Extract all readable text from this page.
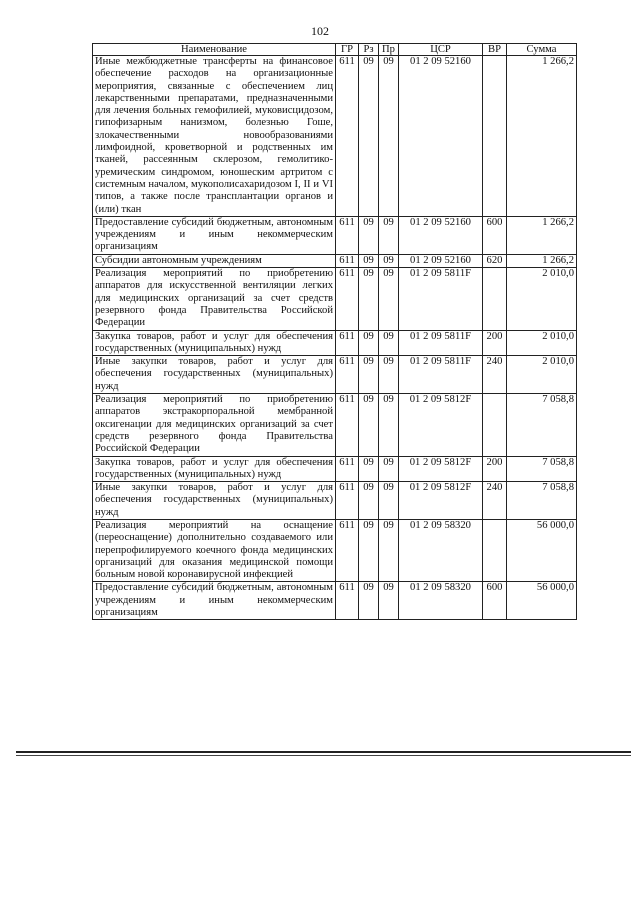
102
Наименование	ГР	Рз	Пр	ЦСР	ВР	Сумма
Иные межбюджетные трансферты на финансовое обеспечение расходов на организационные мероприятия, связанные с обеспечением лиц лекарственными препаратами, предназначенными для лечения больных гемофилией, муковисцидозом, гипофизарным нанизмом, болезнью Гоше, злокачественными новообразованиями лимфоидной, кроветворной и родственных им тканей, рассеянным склерозом, гемолитико-уремическим синдромом, юношеским артритом с системным началом, мукополисахаридозом I, II и VI типов, а также после трансплантации органов и (или) ткан	611	09	09	01 2 09 52160		1 266,2
Предоставление субсидий бюджетным, автономным учреждениям и иным некоммерческим организациям	611	09	09	01 2 09 52160	600	1 266,2
Субсидии автономным учреждениям	611	09	09	01 2 09 52160	620	1 266,2
Реализация мероприятий по приобретению аппаратов для искусственной вентиляции легких для медицинских организаций за счет средств резервного фонда Правительства Российской Федерации	611	09	09	01 2 09 5811F		2 010,0
Закупка товаров, работ и услуг для обеспечения государственных (муниципальных) нужд	611	09	09	01 2 09 5811F	200	2 010,0
Иные закупки товаров, работ и услуг для обеспечения государственных (муниципальных) нужд	611	09	09	01 2 09 5811F	240	2 010,0
Реализация мероприятий по приобретению аппаратов экстракорпоральной мембранной оксигенации для медицинских организаций за счет средств резервного фонда Правительства Российской Федерации	611	09	09	01 2 09 5812F		7 058,8
Закупка товаров, работ и услуг для обеспечения государственных (муниципальных) нужд	611	09	09	01 2 09 5812F	200	7 058,8
Иные закупки товаров, работ и услуг для обеспечения государственных (муниципальных) нужд	611	09	09	01 2 09 5812F	240	7 058,8
Реализация мероприятий на оснащение (переоснащение) дополнительно создаваемого или перепрофилируемого коечного фонда медицинских организаций для оказания медицинской помощи больным новой коронавирусной инфекцией	611	09	09	01 2 09 58320		56 000,0
Предоставление субсидий бюджетным, автономным учреждениям и иным некоммерческим организациям	611	09	09	01 2 09 58320	600	56 000,0
